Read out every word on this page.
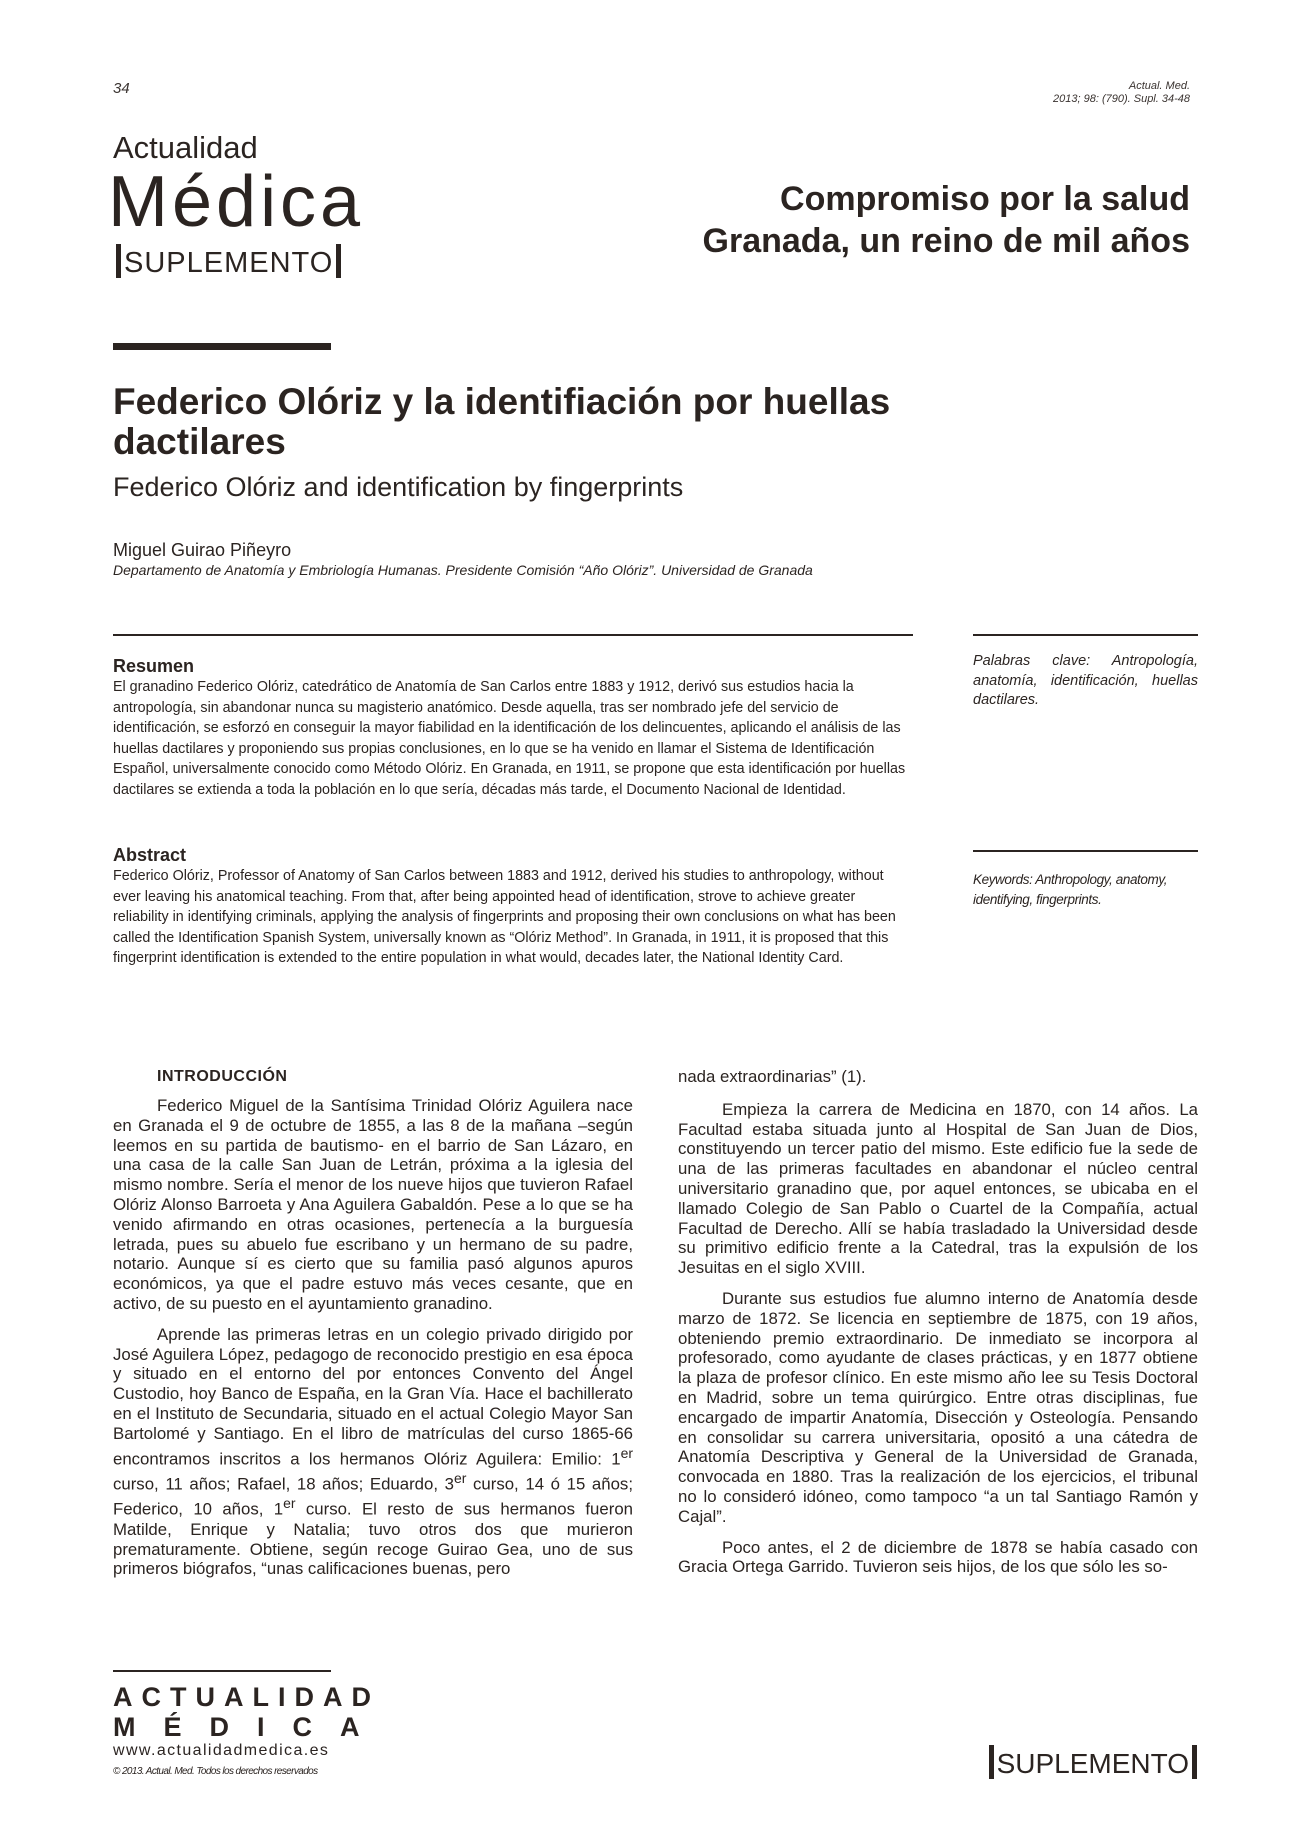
34	Actual. Med.
2013; 98: (790). Supl. 34-48
Actualidad
Médica
SUPLEMENTO
Compromiso por la salud
Granada, un reino de mil años
Federico Olóriz y la identifiación por huellas dactilares
Federico Olóriz and identification by fingerprints
Miguel Guirao Piñeyro
Departamento de Anatomía y Embriología Humanas. Presidente Comisión “Año Olóriz”. Universidad de Granada
Resumen
El granadino Federico Olóriz, catedrático de Anatomía de San Carlos entre 1883 y 1912, derivó sus estudios hacia la antropología, sin abandonar nunca su magisterio anatómico. Desde aquella, tras ser nombrado jefe del servicio de identificación, se esforzó en conseguir la mayor fiabilidad en la identificación de los delincuentes, aplicando el análisis de las huellas dactilares y proponiendo sus propias conclusiones, en lo que se ha venido en llamar el Sistema de Identificación Español, universalmente conocido como Método Olóriz. En Granada, en 1911, se propone que esta identificación por huellas dactilares se extienda a toda la población en lo que sería, décadas más tarde, el Documento Nacional de Identidad.
Palabras clave: Antropología, anatomía, identificación, huellas dactilares.
Abstract
Federico Olóriz, Professor of Anatomy of San Carlos between 1883 and 1912, derived his studies to anthropology, without ever leaving his anatomical teaching. From that, after being appointed head of identification, strove to achieve greater reliability in identifying criminals, applying the analysis of fingerprints and proposing their own conclusions on what has been called the Identification Spanish System, universally known as “Olóriz Method”. In Granada, in 1911, it is proposed that this fingerprint identification is extended to the entire population in what would, decades later, the National Identity Card.
Keywords: Anthropology, anatomy, identifying, fingerprints.
INTRODUCCIÓN

Federico Miguel de la Santísima Trinidad Olóriz Aguilera nace en Granada el 9 de octubre de 1855, a las 8 de la mañana –según leemos en su partida de bautismo- en el barrio de San Lázaro, en una casa de la calle San Juan de Letrán, próxima a la iglesia del mismo nombre. Sería el menor de los nueve hijos que tuvieron Rafael Olóriz Alonso Barroeta y Ana Aguilera Gabaldón. Pese a lo que se ha venido afirmando en otras ocasiones, pertenecía a la burguesía letrada, pues su abuelo fue escribano y un hermano de su padre, notario. Aunque sí es cierto que su familia pasó algunos apuros económicos, ya que el padre estuvo más veces cesante, que en activo, de su puesto en el ayuntamiento granadino.

Aprende las primeras letras en un colegio privado dirigido por José Aguilera López, pedagogo de reconocido prestigio en esa época y situado en el entorno del por entonces Convento del Ángel Custodio, hoy Banco de España, en la Gran Vía. Hace el bachillerato en el Instituto de Secundaria, situado en el actual Colegio Mayor San Bartolomé y Santiago. En el libro de matrículas del curso 1865-66 encontramos inscritos a los hermanos Olóriz Aguilera: Emilio: 1er curso, 11 años; Rafael, 18 años; Eduardo, 3er curso, 14 ó 15 años; Federico, 10 años, 1er curso. El resto de sus hermanos fueron Matilde, Enrique y Natalia; tuvo otros dos que murieron prematuramente. Obtiene, según recoge Guirao Gea, uno de sus primeros biógrafos, “unas calificaciones buenas, pero

nada extraordinarias” (1).

Empieza la carrera de Medicina en 1870, con 14 años. La Facultad estaba situada junto al Hospital de San Juan de Dios, constituyendo un tercer patio del mismo. Este edificio fue la sede de una de las primeras facultades en abandonar el núcleo central universitario granadino que, por aquel entonces, se ubicaba en el llamado Colegio de San Pablo o Cuartel de la Compañía, actual Facultad de Derecho. Allí se había trasladado la Universidad desde su primitivo edificio frente a la Catedral, tras la expulsión de los Jesuitas en el siglo XVIII.

Durante sus estudios fue alumno interno de Anatomía desde marzo de 1872. Se licencia en septiembre de 1875, con 19 años, obteniendo premio extraordinario. De inmediato se incorpora al profesorado, como ayudante de clases prácticas, y en 1877 obtiene la plaza de profesor clínico. En este mismo año lee su Tesis Doctoral en Madrid, sobre un tema quirúrgico. Entre otras disciplinas, fue encargado de impartir Anatomía, Disección y Osteología. Pensando en consolidar su carrera universitaria, opositó a una cátedra de Anatomía Descriptiva y General de la Universidad de Granada, convocada en 1880. Tras la realización de los ejercicios, el tribunal no lo consideró idóneo, como tampoco “a un tal Santiago Ramón y Cajal”.

Poco antes, el 2 de diciembre de 1878 se había casado con Gracia Ortega Garrido. Tuvieron seis hijos, de los que sólo les so-

ACTUALIDAD
MÉDICA
www.actualidadmedica.es
© 2013. Actual. Med. Todos los derechos reservados	SUPLEMENTO
